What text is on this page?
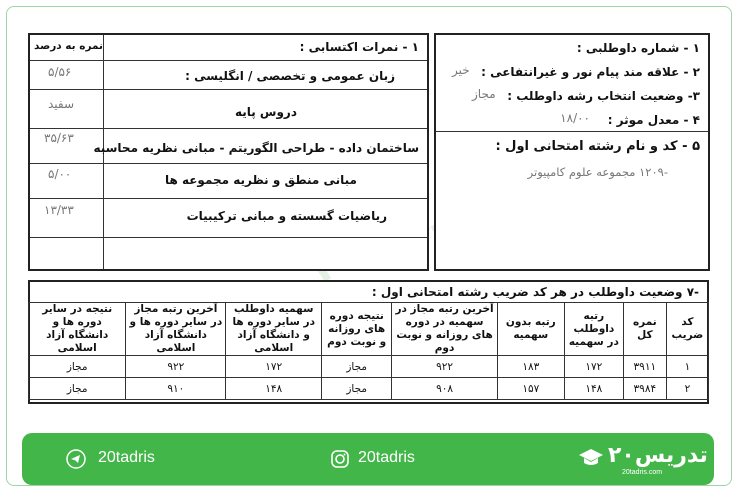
۱ - شماره داوطلبی :
۲ - علاقه مند پیام نور و غیرانتفاعی :
خیر
۳- وضعیت انتخاب رشه داوطلب :
مجاز
۴ - معدل موثر :
۱۸/۰۰
۵ - کد و نام رشته امتحانی اول :
-۱۲۰۹ مجموعه علوم کامپیوتر
۱ - نمرات اکتسابی :
نمره به درصد
زبان عمومی و تخصصی / انگلیسی :
۵/۵۶
دروس پایه
سفید
ساختمان داده - طراحی الگوریتم - مبانی نظریه محاسبه
۳۵/۶۳
مبانی منطق و نظریه مجموعه ها
۵/۰۰
ریاضیات گسسته و مبانی ترکیبیات
۱۳/۳۳
-۷ وضعیت داوطلب در هر کد ضریب رشته امتحانی اول :
کد ضریب	نمره کل	رتبه داوطلب در سهمیه	رتبه بدون سهمیه	آخرین رتبه مجاز در سهمیه در دوره های روزانه و نوبت دوم	نتیجه دوره های روزانه و نوبت دوم	سهمیه داوطلب در سایر دوره ها و دانشگاه آزاد اسلامی	آخرین رتبه مجاز در سایر دوره ها و دانشگاه آزاد اسلامی	نتیجه در سایر دوره ها و دانشگاه آزاد اسلامی
۱	۳۹۱۱	۱۷۲	۱۸۳	۹۲۲	مجاز	۱۷۲	۹۲۲	مجاز
۲	۳۹۸۴	۱۴۸	۱۵۷	۹۰۸	مجاز	۱۴۸	۹۱۰	مجاز
20tadris	20tadris	۲۰تدریس
20tadris.com
